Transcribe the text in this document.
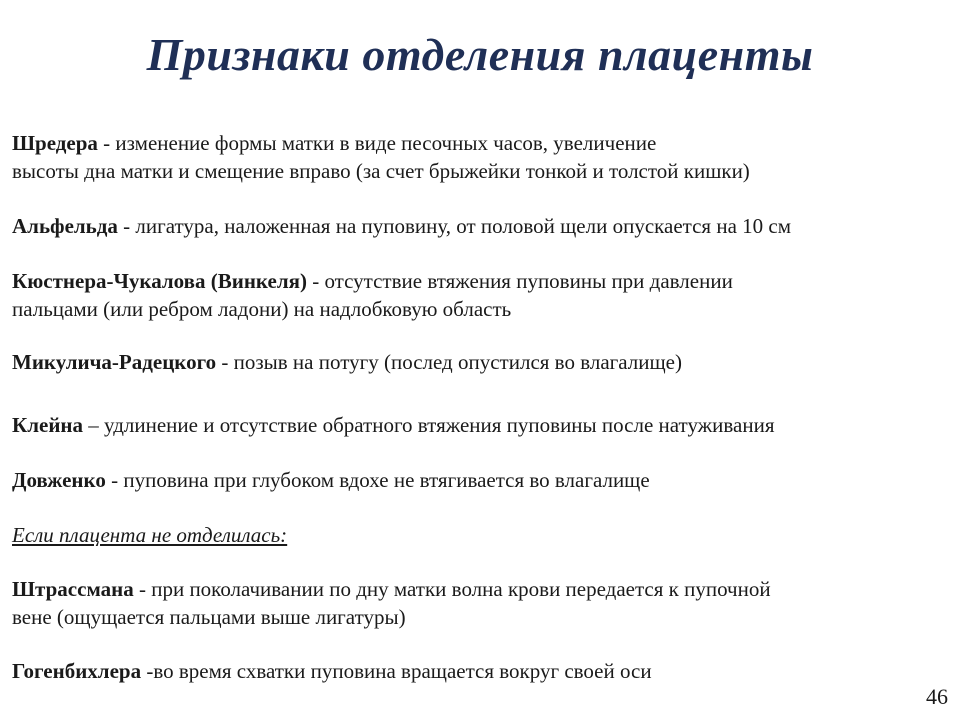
Признаки отделения плаценты
Шредера - изменение формы матки в виде песочных часов, увеличение
высоты дна матки и смещение вправо (за счет брыжейки тонкой и толстой кишки)
Альфельда - лигатура, наложенная на пуповину, от половой щели опускается на 10 см
Кюстнера-Чукалова (Винкеля) - отсутствие втяжения пуповины при давлении
пальцами (или ребром ладони) на надлобковую область
Микулича-Радецкого - позыв на потугу (послед опустился во влагалище)
Клейна – удлинение и отсутствие обратного втяжения пуповины после натуживания
Довженко - пуповина при глубоком вдохе не втягивается во влагалище
Если плацента не отделилась:
Штрассмана - при поколачивании по дну матки волна крови передается к пупочной
вене (ощущается пальцами выше лигатуры)
Гогенбихлера -во время схватки пуповина вращается вокруг своей оси
46
